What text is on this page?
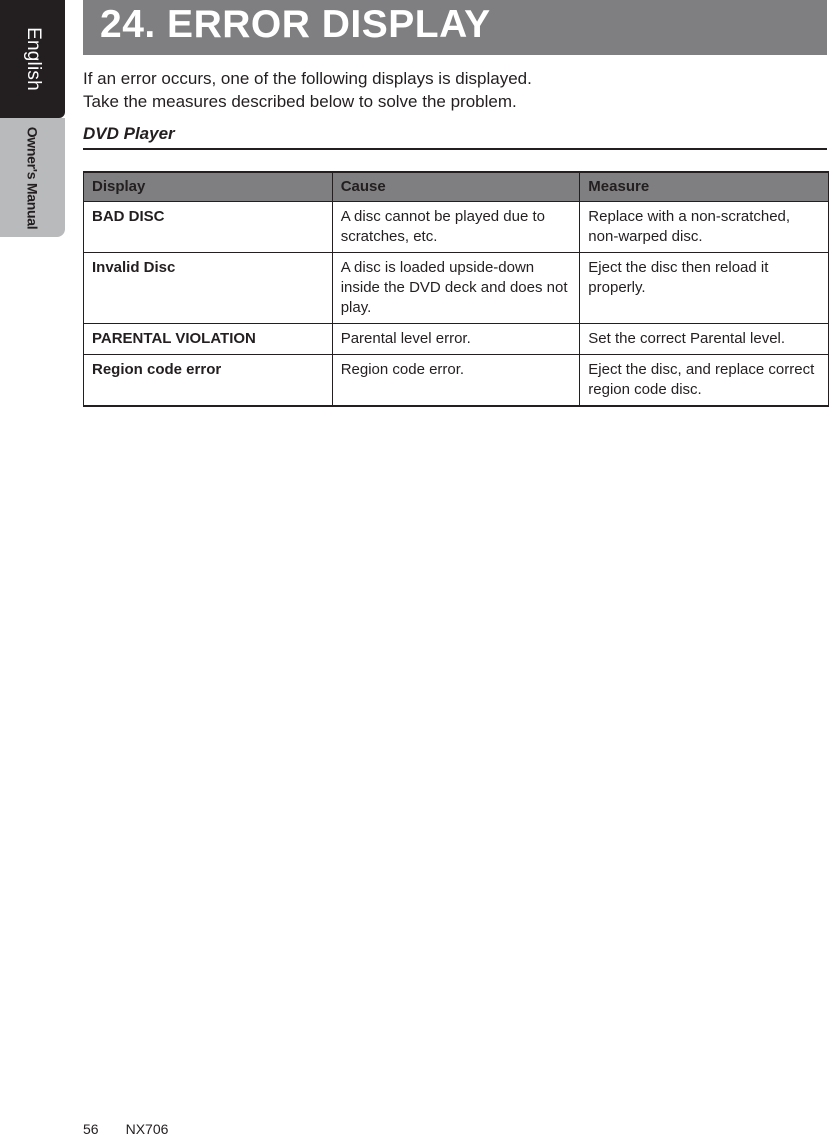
English
Owner's Manual
24. ERROR DISPLAY
If an error occurs, one of the following displays is displayed.
Take the measures described below to solve the problem.
DVD Player
Display	Cause	Measure
BAD DISC	A disc cannot be played due to scratches, etc.	Replace with a non-scratched, non-warped disc.
Invalid Disc	A disc is loaded upside-down inside the DVD deck and does not play.	Eject the disc then reload it properly.
PARENTAL VIOLATION	Parental level error.	Set the correct Parental level.
Region code error	Region code error.	Eject the disc, and replace correct region code disc.
56 NX706
